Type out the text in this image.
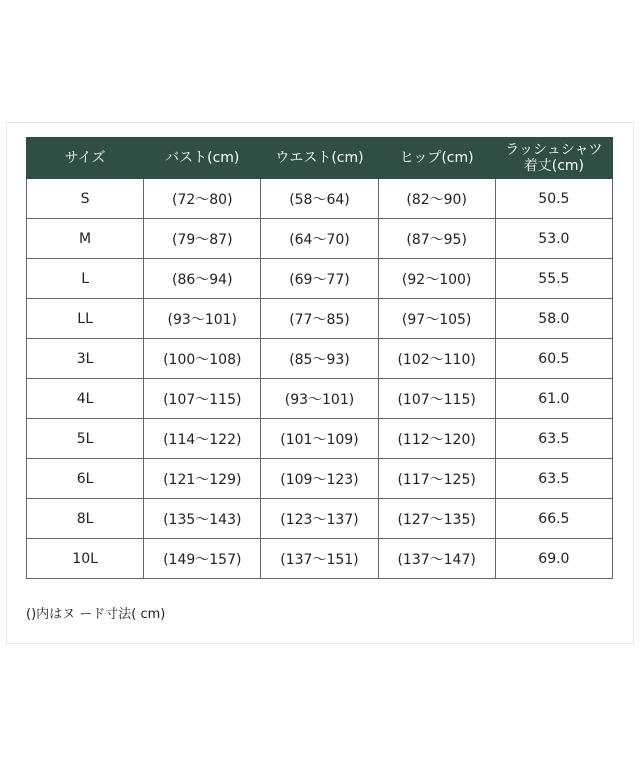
サイズ	バスト(cm)	ウエスト(cm)	ヒップ(cm)	ラッシュシャツ
着丈(cm)

S	(72～80)	(58～64)	(82～90)	50.5
M	(79～87)	(64～70)	(87～95)	53.0
L	(86～94)	(69～77)	(92～100)	55.5
LL	(93～101)	(77～85)	(97～105)	58.0
3L	(100～108)	(85～93)	(102～110)	60.5
4L	(107～115)	(93～101)	(107～115)	61.0
5L	(114～122)	(101～109)	(112～120)	63.5
6L	(121～129)	(109～123)	(117～125)	63.5
8L	(135～143)	(123～137)	(127～135)	66.5
10L	(149～157)	(137～151)	(137～147)	69.0
()内はヌ ード寸法( cm)
